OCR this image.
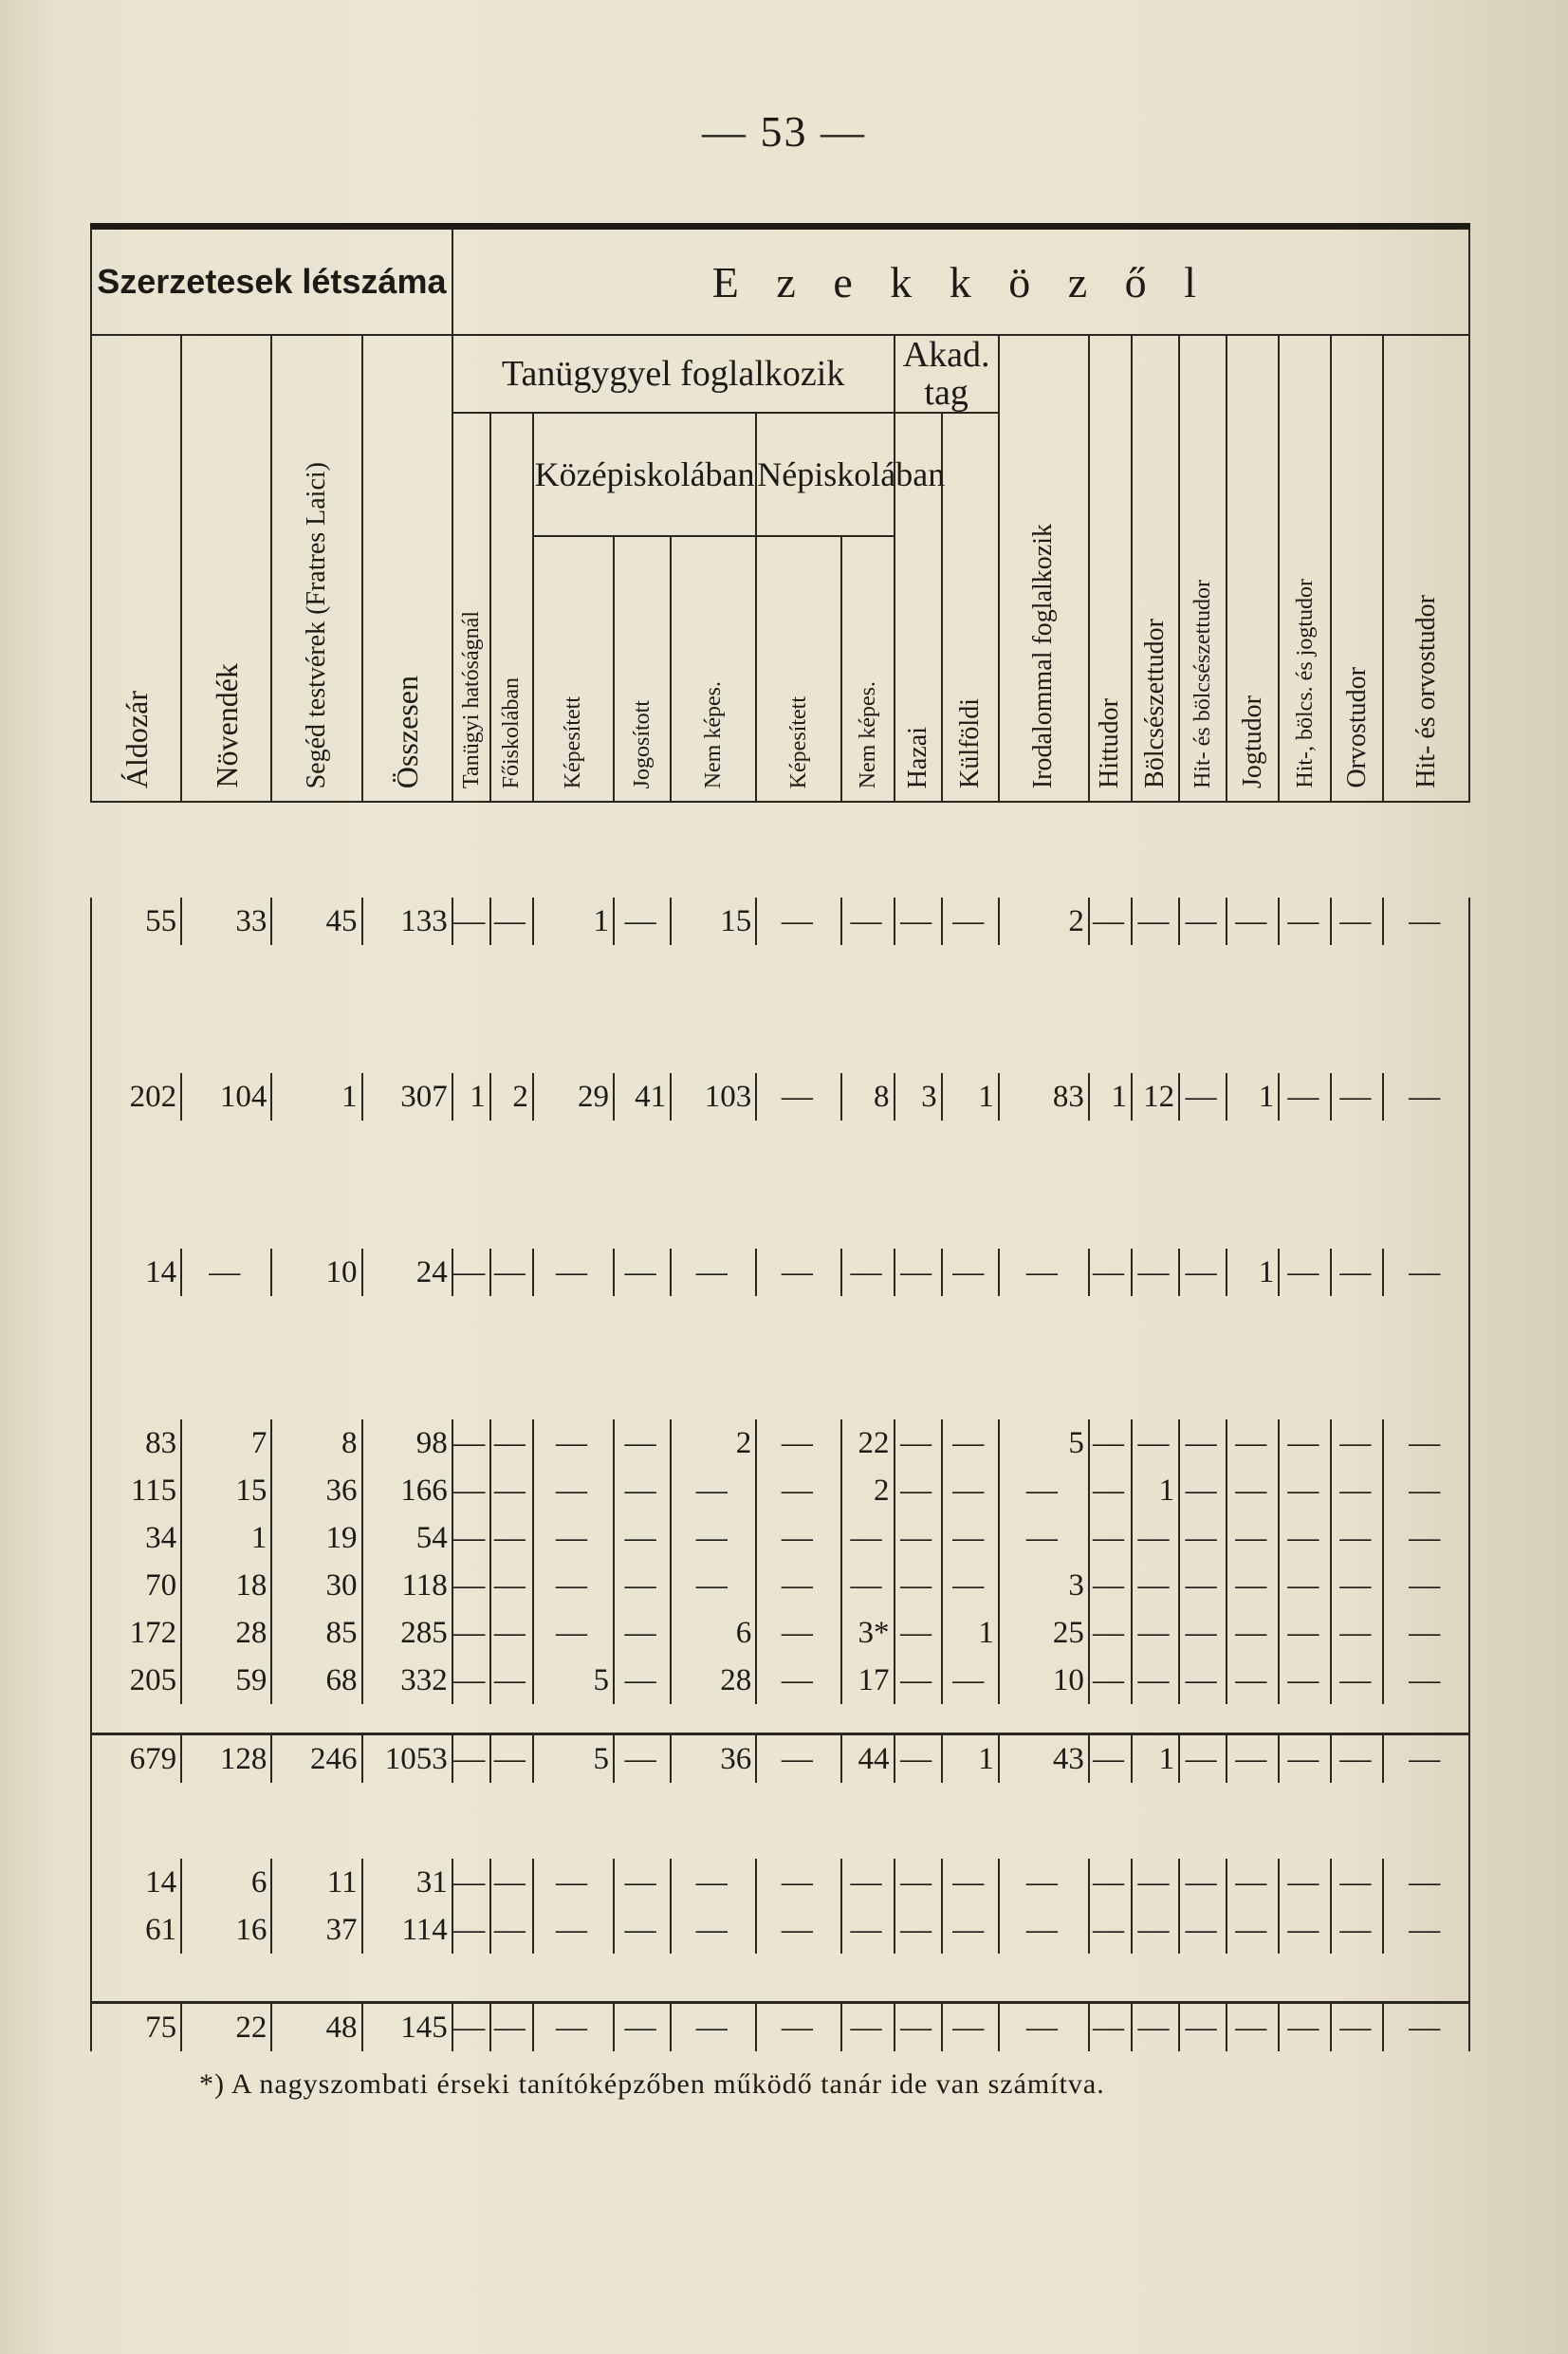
— 53 —
Szerzetesek létszáma				E z e k k ö z ő l																
Áldozár	Növendék	Segéd testvérek (Fratres Laici)	Összesen	Tanügygyel foglalkozik							Akad. tag		Irodalommal foglalkozik	Hittudor	Bölcsészettudor	Hit- és bölcsészettudor	Jogtudor	Hit-, bölcs. és jogtudor	Orvostudor	Hit- és orvostudor
				Tanügyi hatóságnál	Főiskolában	Középiskolában			Népiskolában		Hazai	Külföldi								
						Képesített	Jogosított	Nem képes.	Képesített	Nem képes.										

55	33	45	133	—	—	1	—	15	—	—	—	—	2	—	—	—	—	—	—	—

202	104	1	307	1	2	29	41	103	—	8	3	1	83	1	12	—	1	—	—	—

14	—	10	24	—	—	—	—	—	—	—	—	—	—	—	—	—	1	—	—	—

83	7	8	98	—	—	—	—	2	—	22	—	—	5	—	—	—	—	—	—	—
115	15	36	166	—	—	—	—	—	—	2	—	—	—	—	1	—	—	—	—	—
34	1	19	54	—	—	—	—	—	—	—	—	—	—	—	—	—	—	—	—	—
70	18	30	118	—	—	—	—	—	—	—	—	—	3	—	—	—	—	—	—	—
172	28	85	285	—	—	—	—	6	—	3*	—	1	25	—	—	—	—	—	—	—
205	59	68	332	—	—	5	—	28	—	17	—	—	10	—	—	—	—	—	—	—

679	128	246	1053	—	—	5	—	36	—	44	—	1	43	—	1	—	—	—	—	—

14	6	11	31	—	—	—	—	—	—	—	—	—	—	—	—	—	—	—	—	—
61	16	37	114	—	—	—	—	—	—	—	—	—	—	—	—	—	—	—	—	—

75	22	48	145	—	—	—	—	—	—	—	—	—	—	—	—	—	—	—	—	—
*) A nagyszombati érseki tanítóképzőben működő tanár ide van számítva.
